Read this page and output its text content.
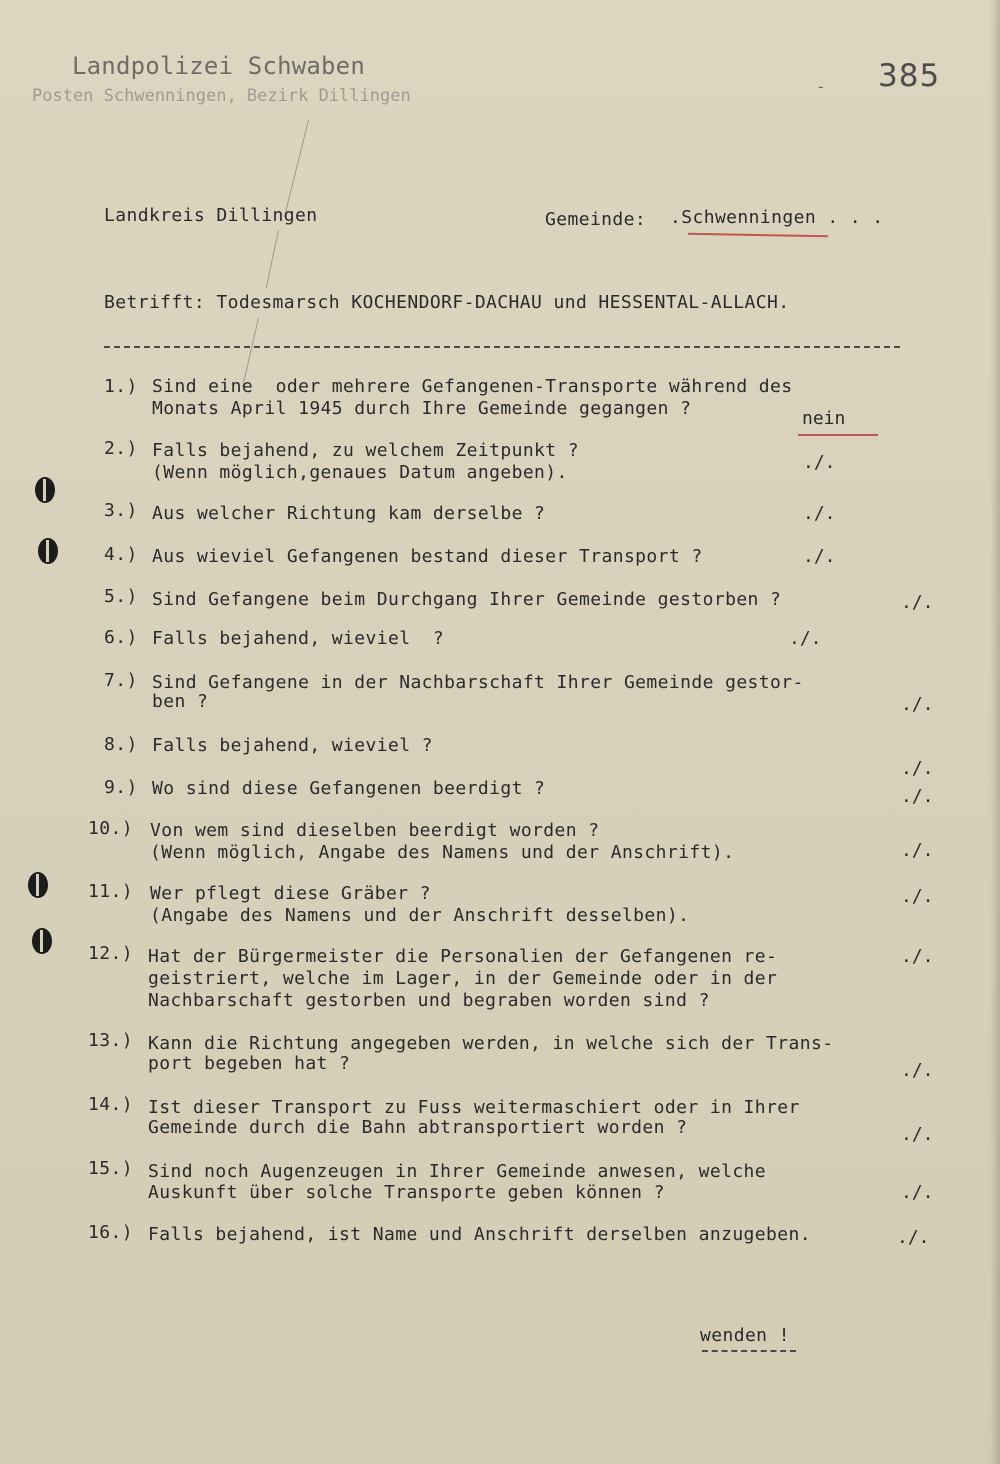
Landpolizei Schwaben
Posten Schwenningen, Bezirk Dillingen
385
-
Landkreis Dillingen	Gemeinde: .Schwenningen . . .
Betrifft: Todesmarsch KOCHENDORF-DACHAU und HESSENTAL-ALLACH.
1.) Sind eine  oder mehrere Gefangenen-Transporte während des
Monats April 1945 durch Ihre Gemeinde gegangen ?	nein
2.) Falls bejahend, zu welchem Zeitpunkt ?
(Wenn möglich,genaues Datum angeben).	./.
3.) Aus welcher Richtung kam derselbe ?	./.
4.) Aus wieviel Gefangenen bestand dieser Transport ?	./.
5.) Sind Gefangene beim Durchgang Ihrer Gemeinde gestorben ?	./.
6.) Falls bejahend, wieviel  ?	./.
7.) Sind Gefangene in der Nachbarschaft Ihrer Gemeinde gestor-
ben ?	./.
8.) Falls bejahend, wieviel ?
./.
9.) Wo sind diese Gefangenen beerdigt ?	./.
10.) Von wem sind dieselben beerdigt worden ?
(Wenn möglich, Angabe des Namens und der Anschrift).	./.
11.) Wer pflegt diese Gräber ?
(Angabe des Namens und der Anschrift desselben).
./.
12.) Hat der Bürgermeister die Personalien der Gefangenen re-
geistriert, welche im Lager, in der Gemeinde oder in der
Nachbarschaft gestorben und begraben worden sind ?
./.
13.) Kann die Richtung angegeben werden, in welche sich der Trans-
port begeben hat ?	./.
14.) Ist dieser Transport zu Fuss weitermaschiert oder in Ihrer
Gemeinde durch die Bahn abtransportiert worden ?	./.
15.) Sind noch Augenzeugen in Ihrer Gemeinde anwesen, welche
Auskunft über solche Transporte geben können ?	./.
16.) Falls bejahend, ist Name und Anschrift derselben anzugeben.	./.
wenden !
